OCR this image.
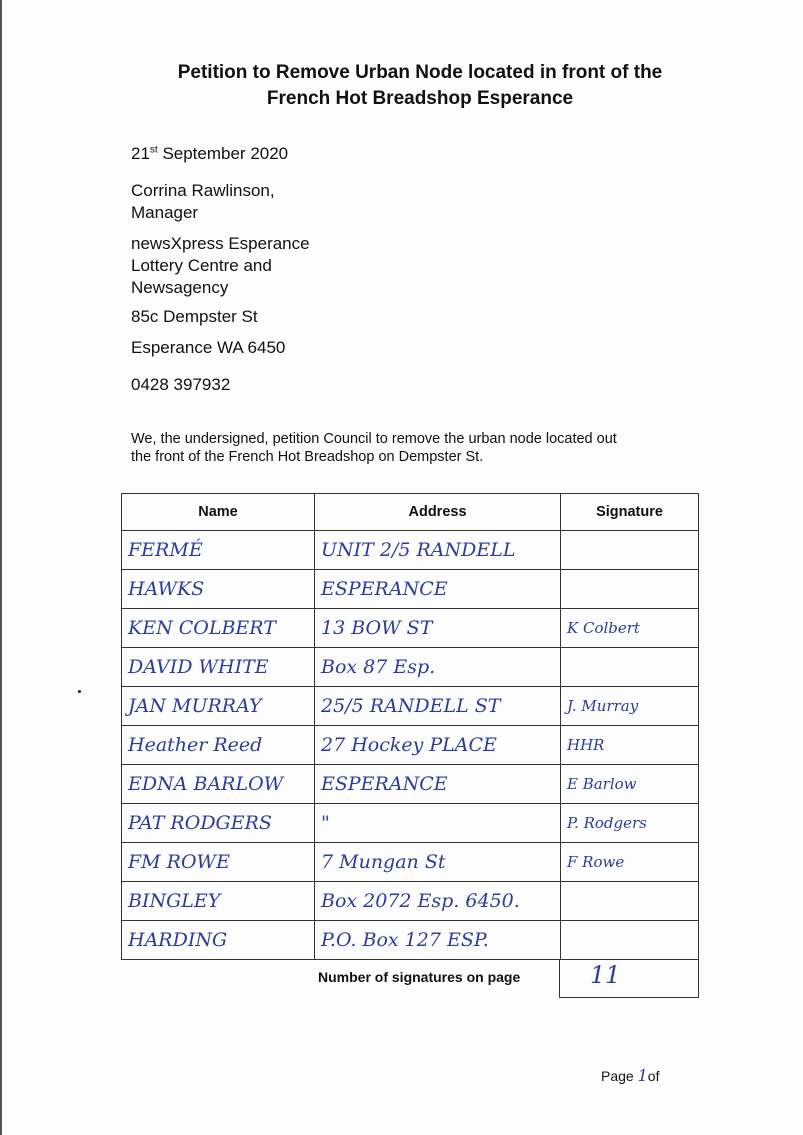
Petition to Remove Urban Node located in front of the
French Hot Breadshop Esperance

21st September 2020

Corrina Rawlinson,

Manager

newsXpress Esperance

Lottery Centre and

Newsagency

85c Dempster St

Esperance WA 6450

0428 397932

We, the undersigned, petition Council to remove the urban node located out
the front of the French Hot Breadshop on Dempster St.
Name	Address	Signature
FERMÉ	UNIT 2/5 RANDELL	
HAWKS	ESPERANCE	
KEN COLBERT	13 BOW ST	K Colbert
DAVID WHITE	Box 87 Esp.	
JAN MURRAY	25/5 RANDELL ST	J. Murray
Heather Reed	27 Hockey PLACE	HHR
EDNA BARLOW	ESPERANCE	E Barlow
PAT RODGERS	"	P. Rodgers
FM ROWE	7 Mungan St	F Rowe
BINGLEY	Box 2072 Esp. 6450.	
HARDING	P.O. Box 127 ESP.	
Number of signatures on page	11
Page 1of
